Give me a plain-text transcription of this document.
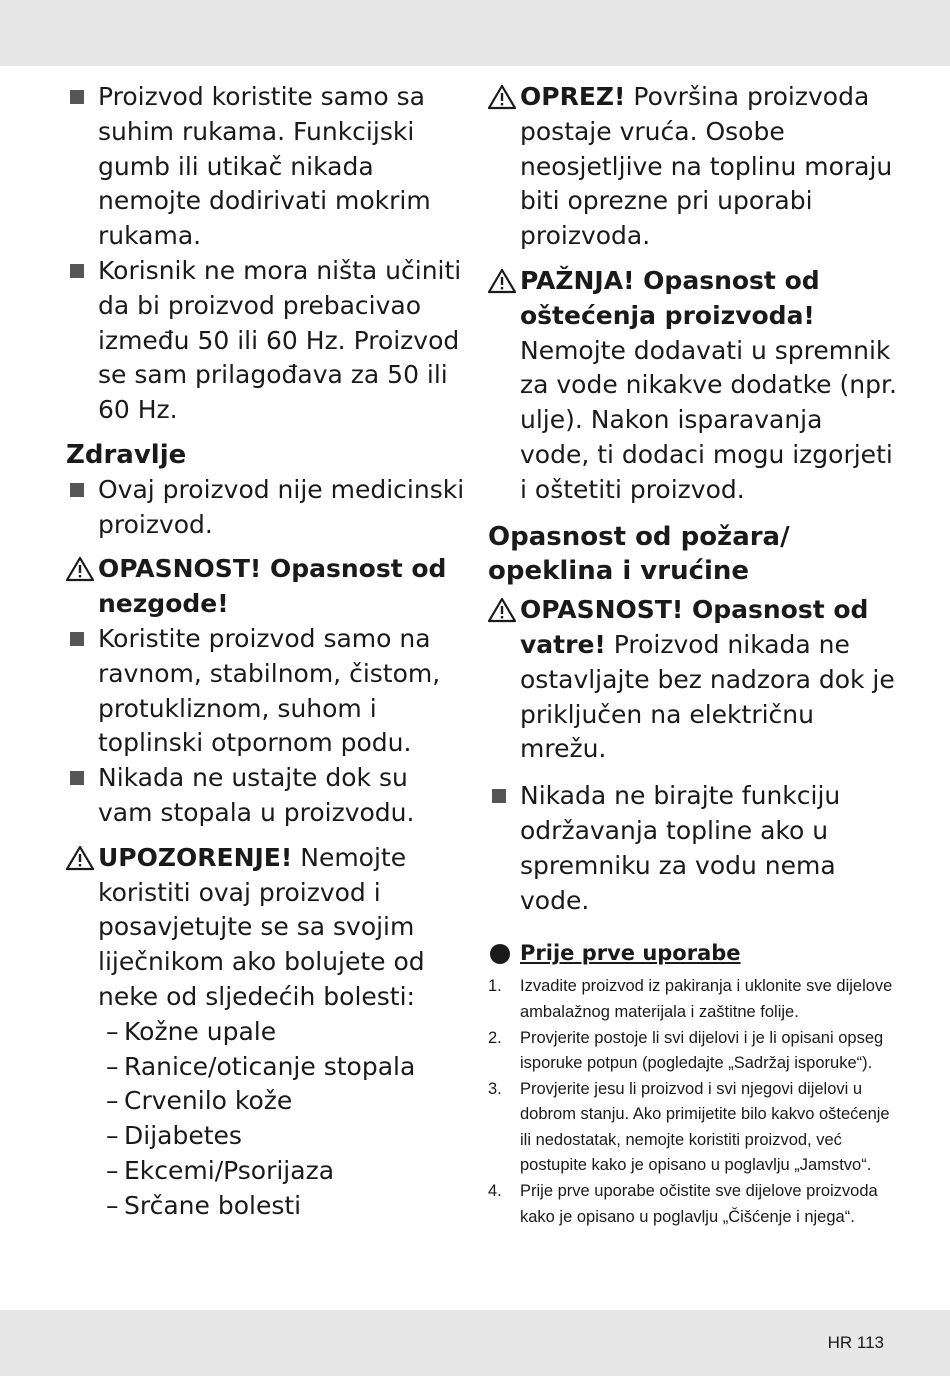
Proizvod koristite samo sa suhim rukama. Funkcijski gumb ili utikač nikada nemojte dodirivati mokrim rukama.
Korisnik ne mora ništa učiniti da bi proizvod prebacivao između 50 ili 60 Hz. Proizvod se sam prilagođava za 50 ili 60 Hz.
Zdravlje
Ovaj proizvod nije medicinski proizvod.
OPASNOST! Opasnost od nezgode!
Koristite proizvod samo na ravnom, stabilnom, čistom, protukliznom, suhom i toplinski otpornom podu.
Nikada ne ustajte dok su vam stopala u proizvodu.
UPOZORENJE! Nemojte koristiti ovaj proizvod i posavjetujte se sa svojim liječnikom ako bolujete od neke od sljedećih bolesti:
– Kožne upale
– Ranice/oticanje stopala
– Crvenilo kože
– Dijabetes
– Ekcemi/Psorijaza
– Srčane bolesti
OPREZ! Površina proizvoda postaje vruća. Osobe neosjetljive na toplinu moraju biti oprezne pri uporabi proizvoda.
PAŽNJA! Opasnost od oštećenja proizvoda! Nemojte dodavati u spremnik za vode nikakve dodatke (npr. ulje). Nakon isparavanja vode, ti dodaci mogu izgorjeti i oštetiti proizvod.
Opasnost od požara/ opeklina i vrućine
OPASNOST! Opasnost od vatre! Proizvod nikada ne ostavljajte bez nadzora dok je priključen na električnu mrežu.
Nikada ne birajte funkciju održavanja topline ako u spremniku za vodu nema vode.
Prije prve uporabe
1. Izvadite proizvod iz pakiranja i uklonite sve dijelove ambalažnog materijala i zaštitne folije.
2. Provjerite postoje li svi dijelovi i je li opisani opseg isporuke potpun (pogledajte „Sadržaj isporuke“).
3. Provjerite jesu li proizvod i svi njegovi dijelovi u dobrom stanju. Ako primijetite bilo kakvo oštećenje ili nedostatak, nemojte koristiti proizvod, već postupite kako je opisano u poglavlju „Jamstvo“.
4. Prije prve uporabe očistite sve dijelove proizvoda kako je opisano u poglavlju „Čišćenje i njega“.
HR 113
